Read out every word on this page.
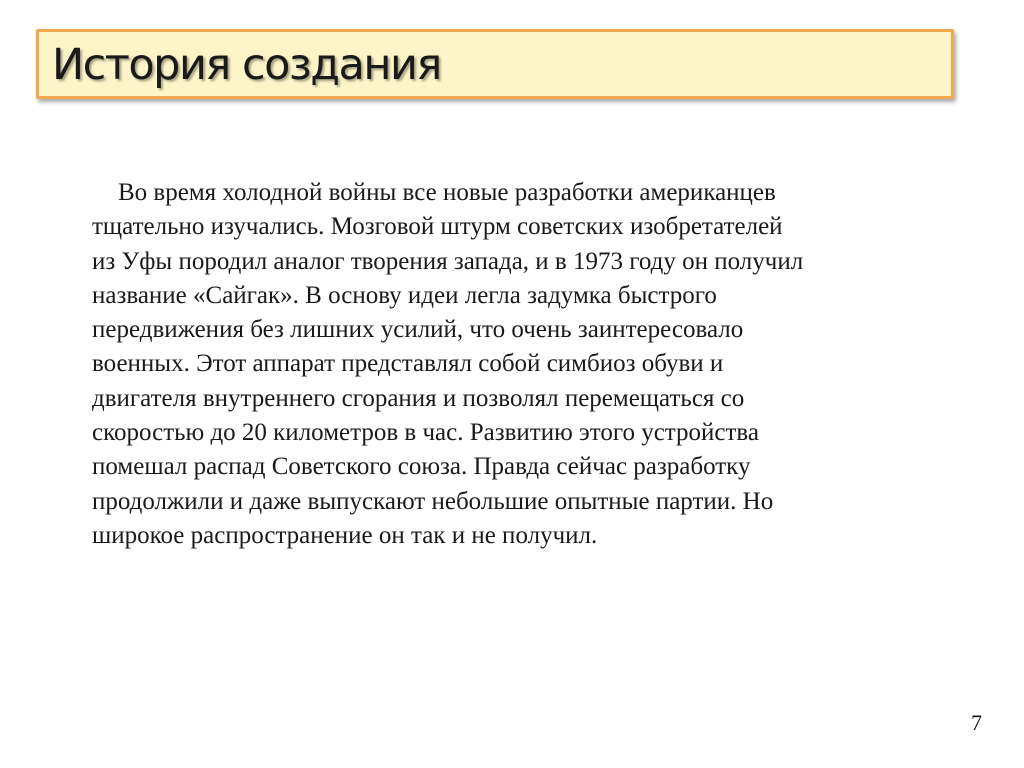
История создания

Во время холодной войны все новые разработки американцев
тщательно изучались. Мозговой штурм советских изобретателей
из Уфы породил аналог творения запада, и в 1973 году он получил
название «Сайгак». В основу идеи легла задумка быстрого
передвижения без лишних усилий, что очень заинтересовало
военных. Этот аппарат представлял собой симбиоз обуви и
двигателя внутреннего сгорания и позволял перемещаться со
скоростью до 20 километров в час. Развитию этого устройства
помешал распад Советского союза. Правда сейчас разработку
продолжили и даже выпускают небольшие опытные партии. Но
широкое распространение он так и не получил.

7
